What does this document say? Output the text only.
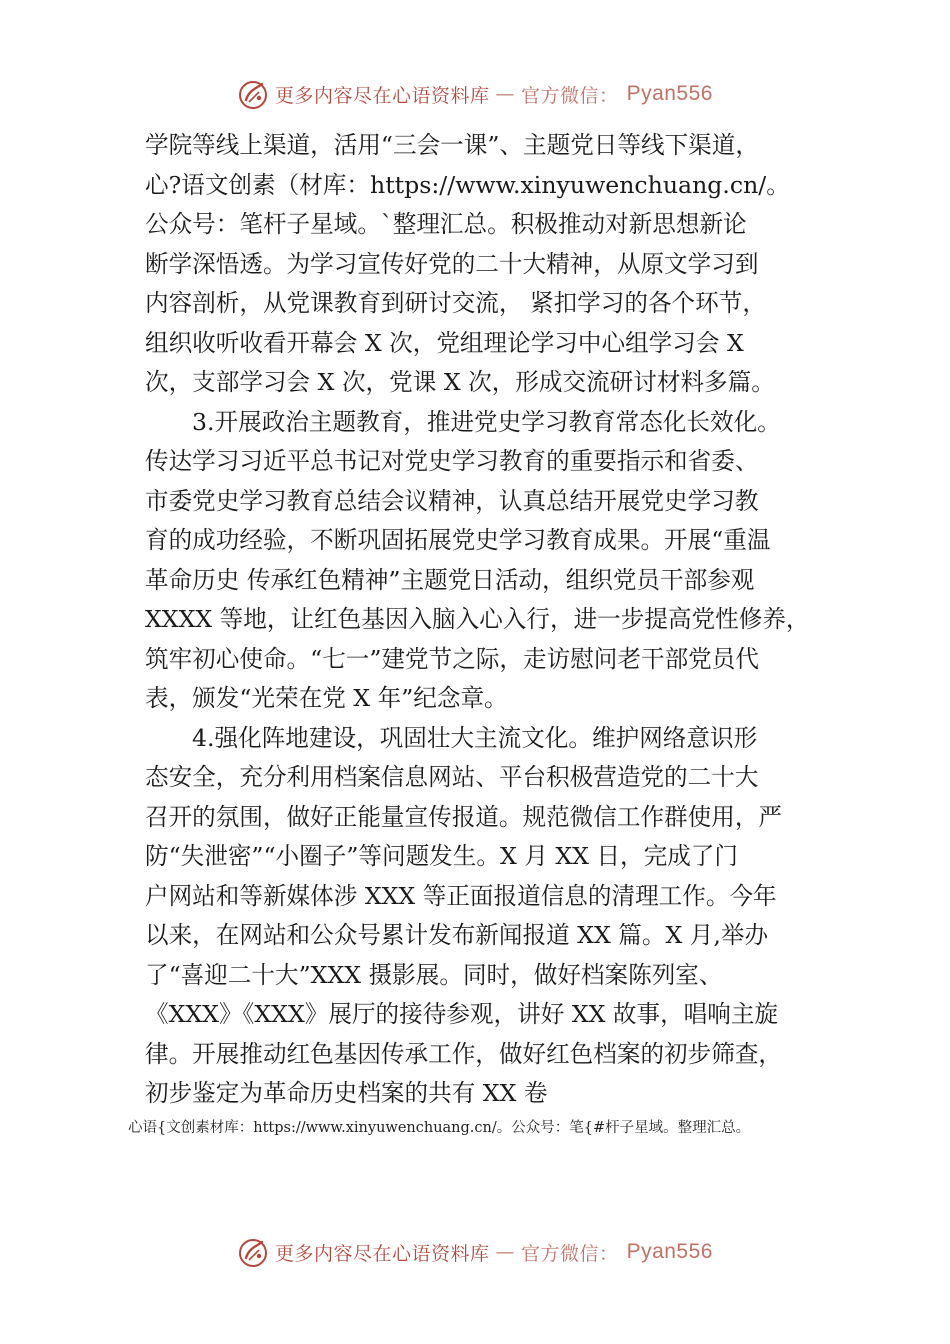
更多内容尽在心语资料库 — 官方微信： Pyan556
学院等线上渠道，活用“三会一课”、主题党日等线下渠道，
心?语文创素（材库：https://www.xinyuwenchuang.cn/。
公众号：笔杆子星域。`整理汇总。积极推动对新思想新论
断学深悟透。为学习宣传好党的二十大精神，从原文学习到
内容剖析，从党课教育到研讨交流， 紧扣学习的各个环节，
组织收听收看开幕会 X 次，党组理论学习中心组学习会 X
次，支部学习会 X 次，党课 X 次，形成交流研讨材料多篇。
3.开展政治主题教育，推进党史学习教育常态化长效化。
传达学习习近平总书记对党史学习教育的重要指示和省委、
市委党史学习教育总结会议精神，认真总结开展党史学习教
育的成功经验，不断巩固拓展党史学习教育成果。开展“重温
革命历史 传承红色精神”主题党日活动，组织党员干部参观
XXXX 等地，让红色基因入脑入心入行，进一步提高党性修养，
筑牢初心使命。“七一”建党节之际，走访慰问老干部党员代
表，颁发“光荣在党 X 年”纪念章。
4.强化阵地建设，巩固壮大主流文化。维护网络意识形
态安全，充分利用档案信息网站、平台积极营造党的二十大
召开的氛围，做好正能量宣传报道。规范微信工作群使用，严
防“失泄密”“小圈子”等问题发生。X 月 XX 日，完成了门
户网站和等新媒体涉 XXX 等正面报道信息的清理工作。今年
以来，在网站和公众号累计发布新闻报道 XX 篇。X 月,举办
了“喜迎二十大”XXX 摄影展。同时，做好档案陈列室、
《XXX》《XXX》展厅的接待参观，讲好 XX 故事，唱响主旋
律。开展推动红色基因传承工作，做好红色档案的初步筛查，
初步鉴定为革命历史档案的共有 XX 卷
心语{文创素材库：https://www.xinyuwenchuang.cn/。公众号：笔{#杆子星域。整理汇总。
更多内容尽在心语资料库 — 官方微信： Pyan556
